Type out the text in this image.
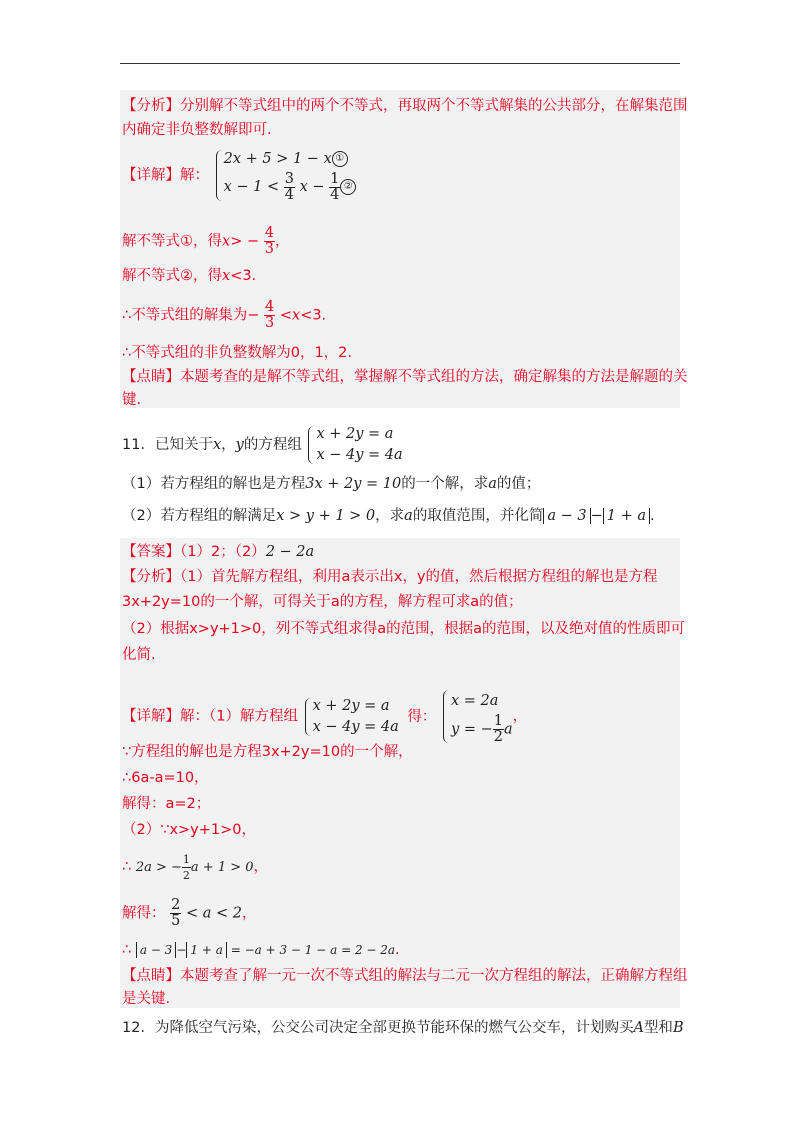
【分析】分别解不等式组中的两个不等式，再取两个不等式解集的公共部分，在解集范围
内确定非负整数解即可.
【详解】解：
2x + 5 > 1 − x ①
$x - 1 < \frac{3}{4}$ $x - \frac{1}{4}$ ②
解不等式①，得$x> - \frac{4}{3}$ ，
解不等式②，得x<3.
∴不等式组的解集为− $\frac{4}{3} <x<3$.
∴不等式组的非负整数解为0，1，2.
【点睛】本题考查的是解不等式组，掌握解不等式组的方法，确定解集的方法是解题的关
键.
11．已知关于x，y的方程组
x + 2y = a
x − 4y = 4a
（1）若方程组的解也是方程3x + 2y = 10的一个解，求a的值；
（2）若方程组的解满足x > y + 1 > 0，求a的取值范围，并化简 a − 3 − 1 + a .
【答案】（1）2；（2）2 − 2a
【分析】（1）首先解方程组，利用a表示出x，y的值，然后根据方程组的解也是方程
3x+2y=10的一个解，可得关于a的方程，解方程可求a的值；
（2）根据x>y+1>0，列不等式组求得a的范围，根据a的范围，以及绝对值的性质即可
化简.
【详解】解：（1）解方程组
x + 2y = a
x − 4y = 4a
得：
x = 2a
y = − $\frac{1}{2}$ a
，
∵方程组的解也是方程3x+2y=10的一个解，
∴6a-a=10，
解得：a=2；
（2）∵x>y+1>0，
∴ 2a > − $\frac{1}{2}$ a + 1 > 0，
解得： $\frac{2}{5} < a < 2$，
∴ a − 3 − 1 + a = −a + 3 − 1 − a = 2 − 2a.
【点睛】本题考查了解一元一次不等式组的解法与二元一次方程组的解法，正确解方程组
是关键.
12．为降低空气污染，公交公司决定全部更换节能环保的燃气公交车，计划购买A型和B
